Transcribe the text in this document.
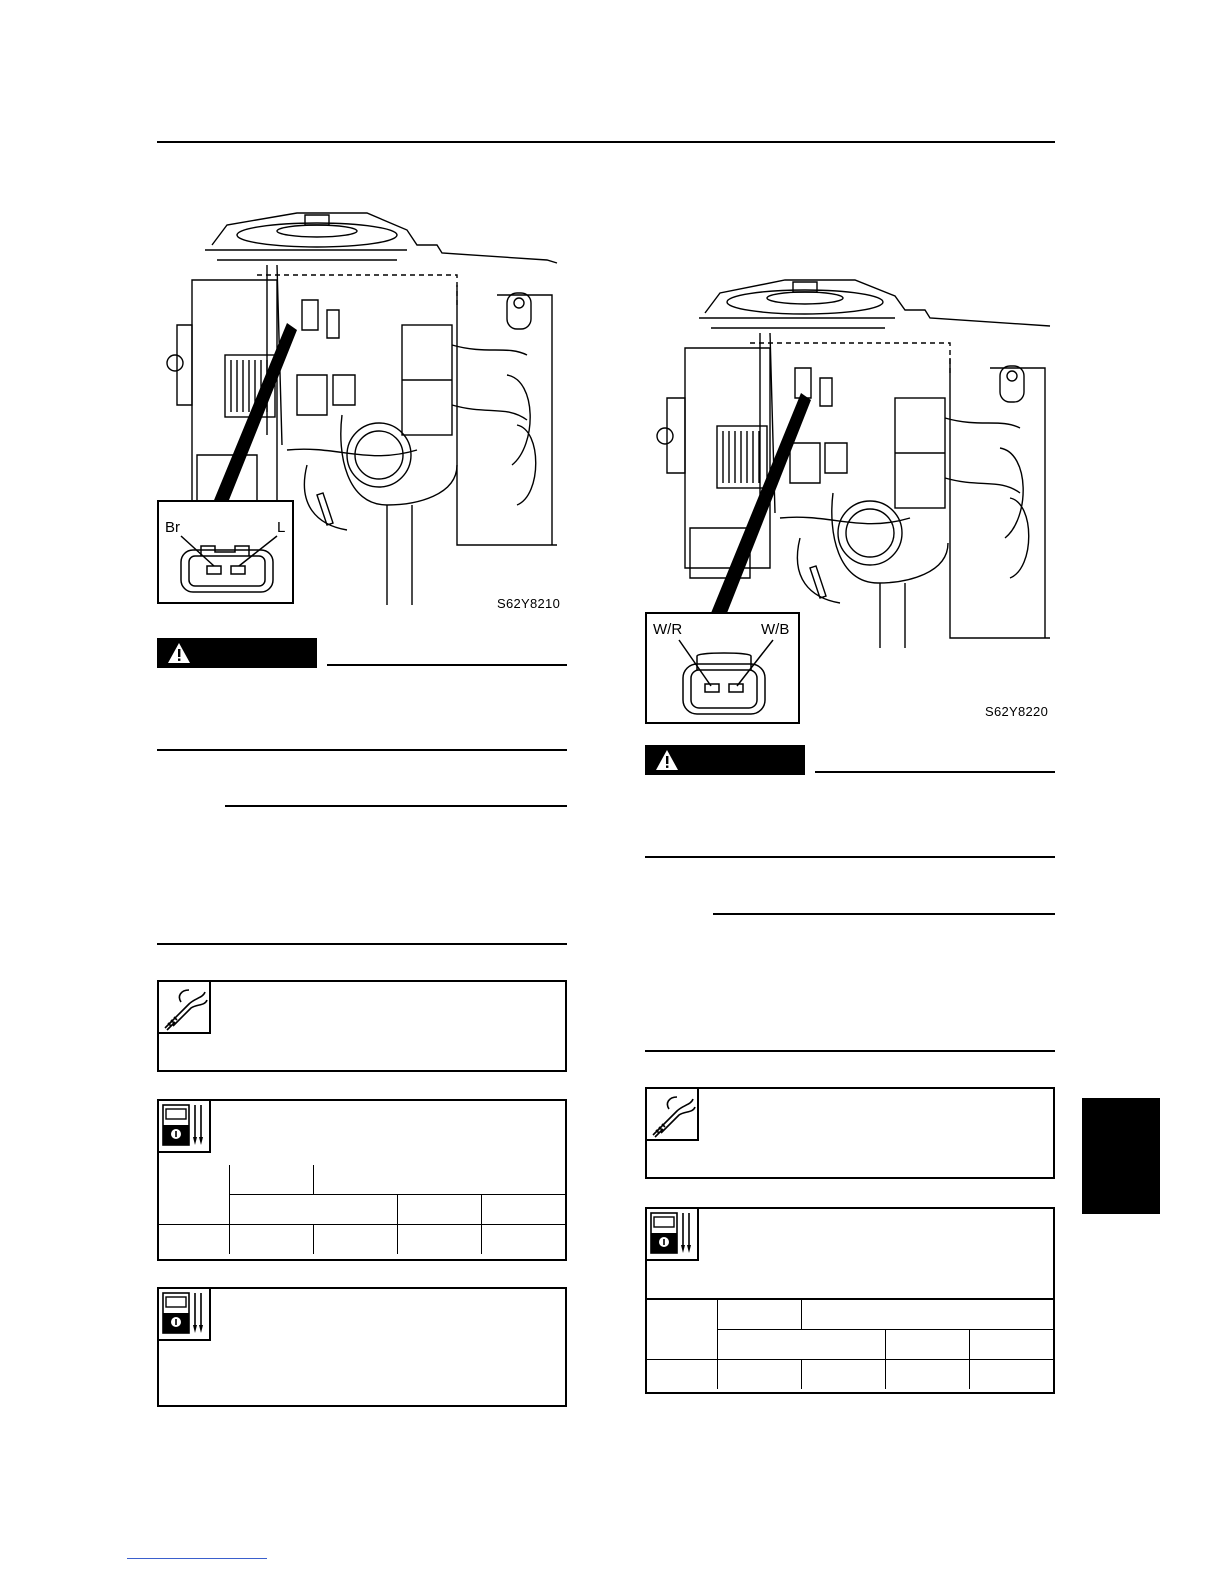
Br	L
S62Y8210

W/R	W/B
S62Y8220
